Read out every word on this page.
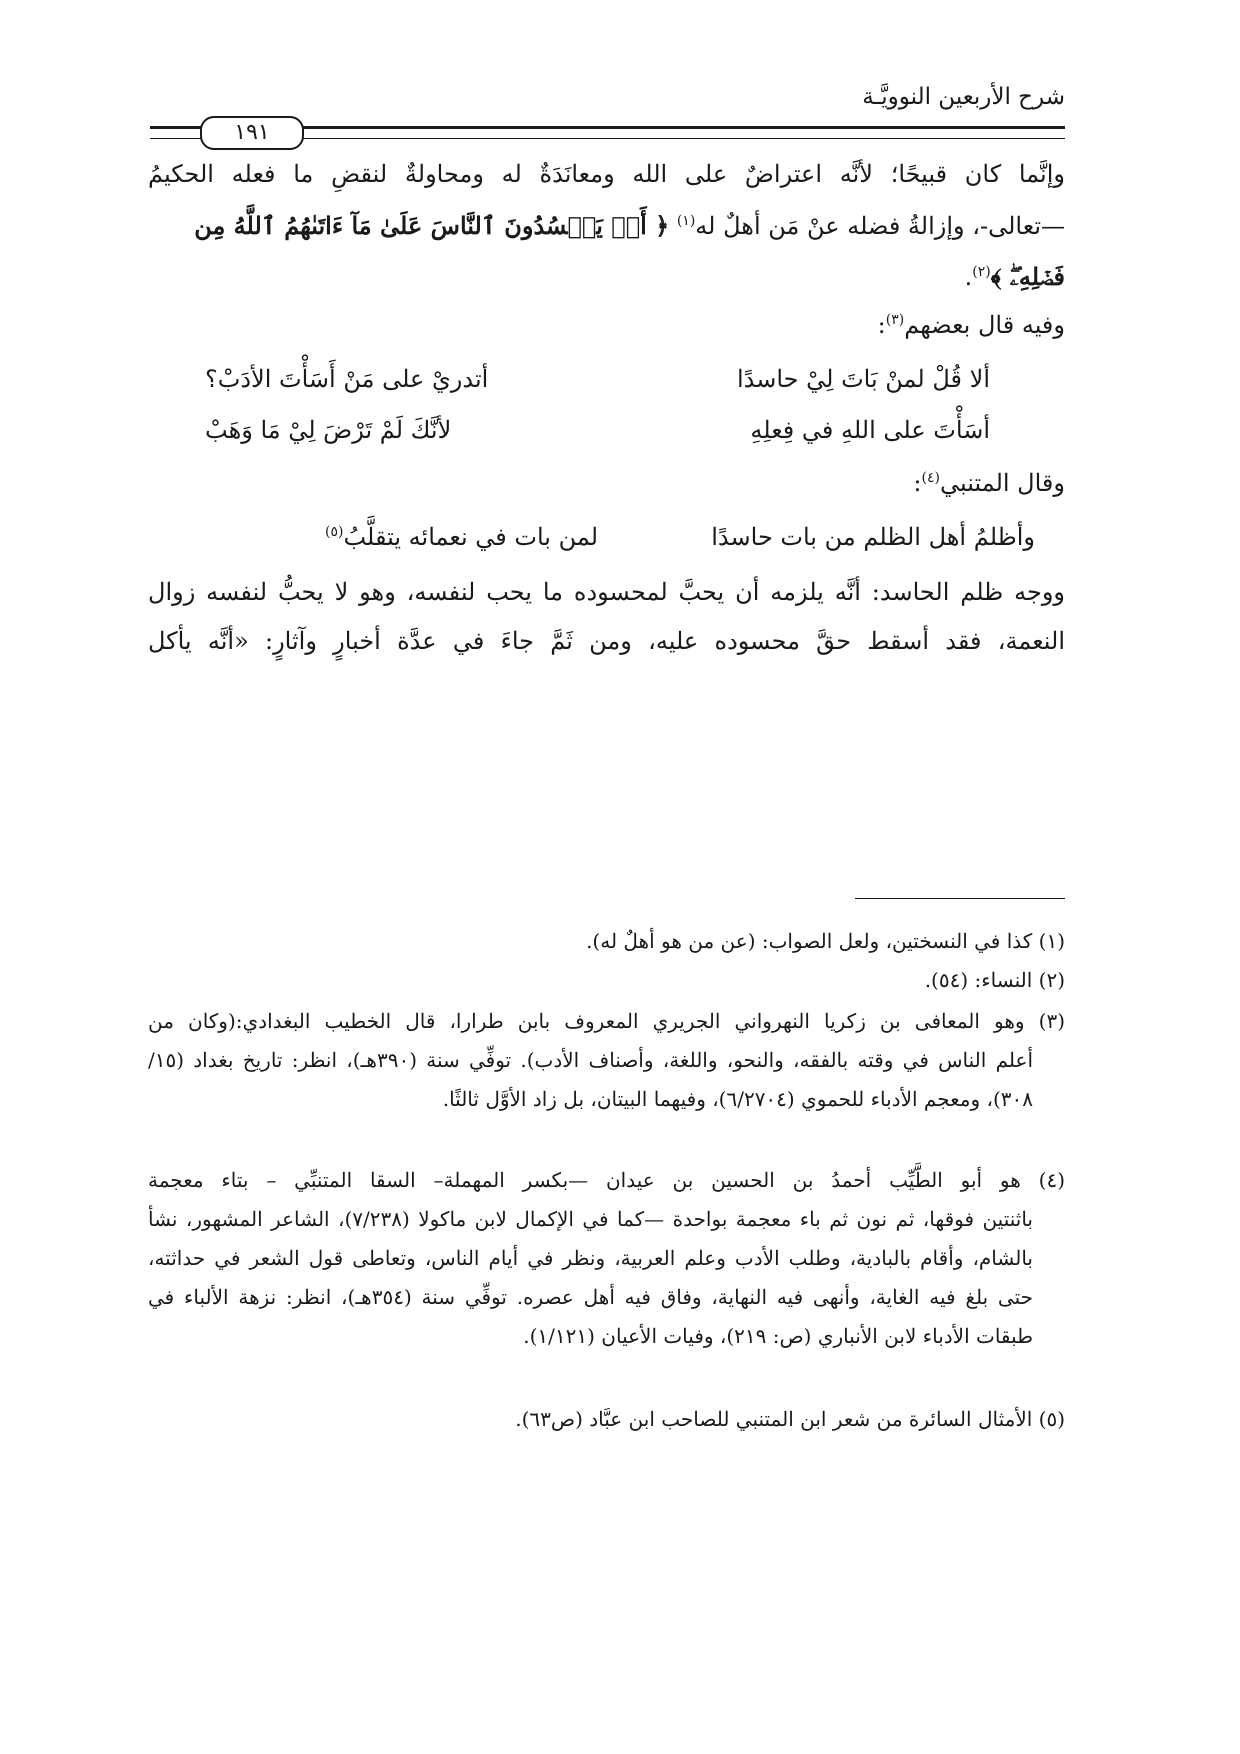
شرح الأربعين النوويَّـة
١٩١
وإنَّما كان قبيحًا؛ لأنَّه اعتراضٌ على الله ومعانَدَةٌ له ومحاولةٌ لنقضِ ما فعله الحكيمُ
—تعالى-، وإزالةُ فضله عنْ مَن أهلٌ له$^{(١)}$ ﴿ أَمۡ يَحۡسُدُونَ ٱلنَّاسَ عَلَىٰ مَآ ءَاتَىٰهُمُ ٱللَّهُ مِن
فَضۡلِهِۦۖ ﴾$^{(٢)}$.
وفيه قال بعضهم$^{(٣)}$:
ألا قُلْ لمنْ بَاتَ لِيْ حاسدًا
أتدريْ على مَنْ أَسَأْتَ الأدَبْ؟
أسَأْتَ على اللهِ في فِعلِهِ
لأنَّكَ لَمْ تَرْضَ لِيْ مَا وَهَبْ
وقال المتنبي$^{(٤)}$:
وأظلمُ أهل الظلم من بات حاسدًا
لمن بات في نعمائه يتقلَّبُ$^{(٥)}$
ووجه ظلم الحاسد: أنَّه يلزمه أن يحبَّ لمحسوده ما يحب لنفسه، وهو لا يحبُّ لنفسه زوال
النعمة، فقد أسقط حقَّ محسوده عليه، ومن ثَمَّ جاءَ في عدَّة أخبارٍ وآثارٍ: «أنَّه يأكل
(١) كذا في النسختين، ولعل الصواب: (عن من هو أهلٌ له).
(٢) النساء: (٥٤).
(٣) وهو المعافى بن زكريا النهرواني الجريري المعروف بابن طرارا، قال الخطيب البغدادي:(وكان من
أعلم الناس في وقته بالفقه، والنحو، واللغة، وأصناف الأدب). توفِّي سنة (٣٩٠هـ)، انظر: تاريخ بغداد (١٥/ ٣٠٨)، ومعجم الأدباء للحموي (٦/٢٧٠٤)، وفيهما البيتان، بل زاد الأوَّل ثالثًا.
(٤) هو أبو الطَّيِّب أحمدُ بن الحسين بن عيدان —بكسر المهملة– السقا المتنبِّي – بتاء معجمة
باثنتين فوقها، ثم نون ثم باء معجمة بواحدة —كما في الإكمال لابن ماكولا (٧/٢٣٨)، الشاعر المشهور، نشأ بالشام، وأقام بالبادية، وطلب الأدب وعلم العربية، ونظر في أيام الناس، وتعاطى قول الشعر في حداثته، حتى بلغ فيه الغاية، وأنهى فيه النهاية، وفاق فيه أهل عصره. توفِّي سنة (٣٥٤هـ)، انظر: نزهة الألباء في طبقات الأدباء لابن الأنباري (ص: ٢١٩)، وفيات الأعيان (١/١٢١).
(٥) الأمثال السائرة من شعر ابن المتنبي للصاحب ابن عبَّاد (ص٦٣).
